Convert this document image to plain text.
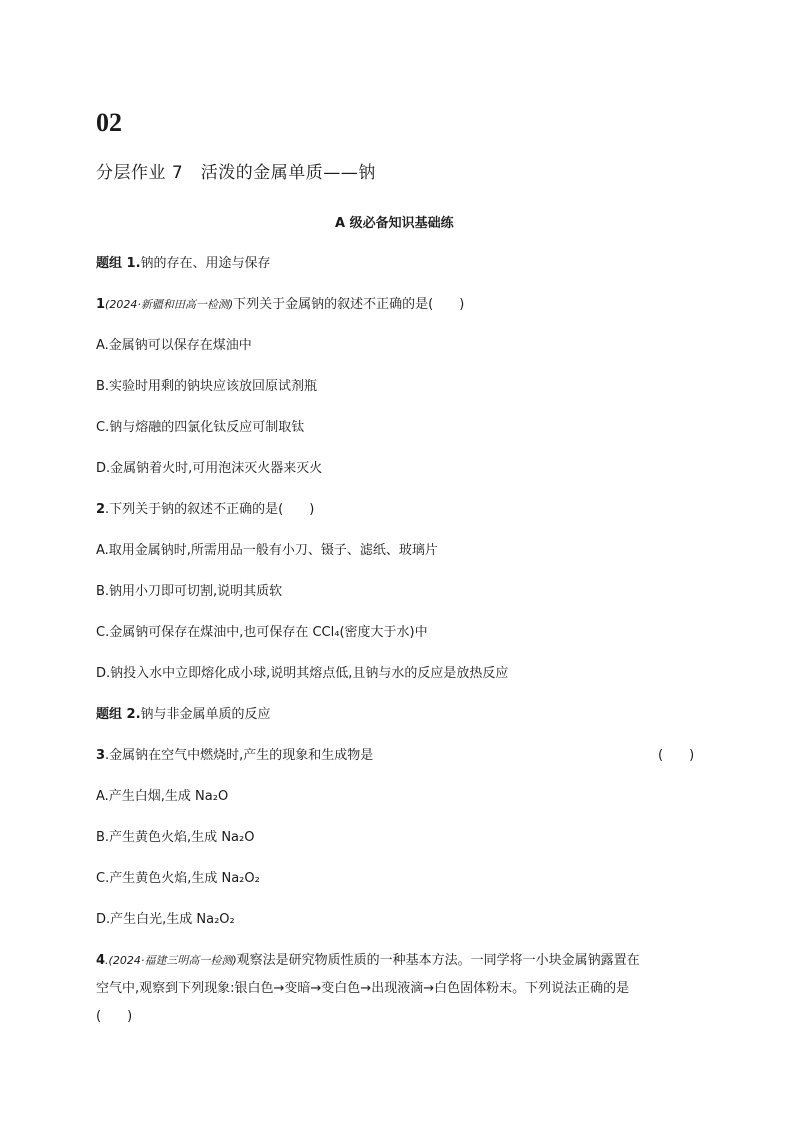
02
分层作业 7　活泼的金属单质——钠
A 级必备知识基础练
题组 1.钠的存在、用途与保存
1(2024·新疆和田高一检测)下列关于金属钠的叙述不正确的是(　　)
A.金属钠可以保存在煤油中
B.实验时用剩的钠块应该放回原试剂瓶
C.钠与熔融的四氯化钛反应可制取钛
D.金属钠着火时,可用泡沫灭火器来灭火
2.下列关于钠的叙述不正确的是(　　)
A.取用金属钠时,所需用品一般有小刀、镊子、滤纸、玻璃片
B.钠用小刀即可切割,说明其质软
C.金属钠可保存在煤油中,也可保存在 CCl₄(密度大于水)中
D.钠投入水中立即熔化成小球,说明其熔点低,且钠与水的反应是放热反应
题组 2.钠与非金属单质的反应
3.金属钠在空气中燃烧时,产生的现象和生成物是	(　　)
A.产生白烟,生成 Na₂O
B.产生黄色火焰,生成 Na₂O
C.产生黄色火焰,生成 Na₂O₂
D.产生白光,生成 Na₂O₂
4.(2024·福建三明高一检测)观察法是研究物质性质的一种基本方法。一同学将一小块金属钠露置在
空气中,观察到下列现象:银白色→变暗→变白色→出现液滴→白色固体粉末。下列说法正确的是
(　　)
